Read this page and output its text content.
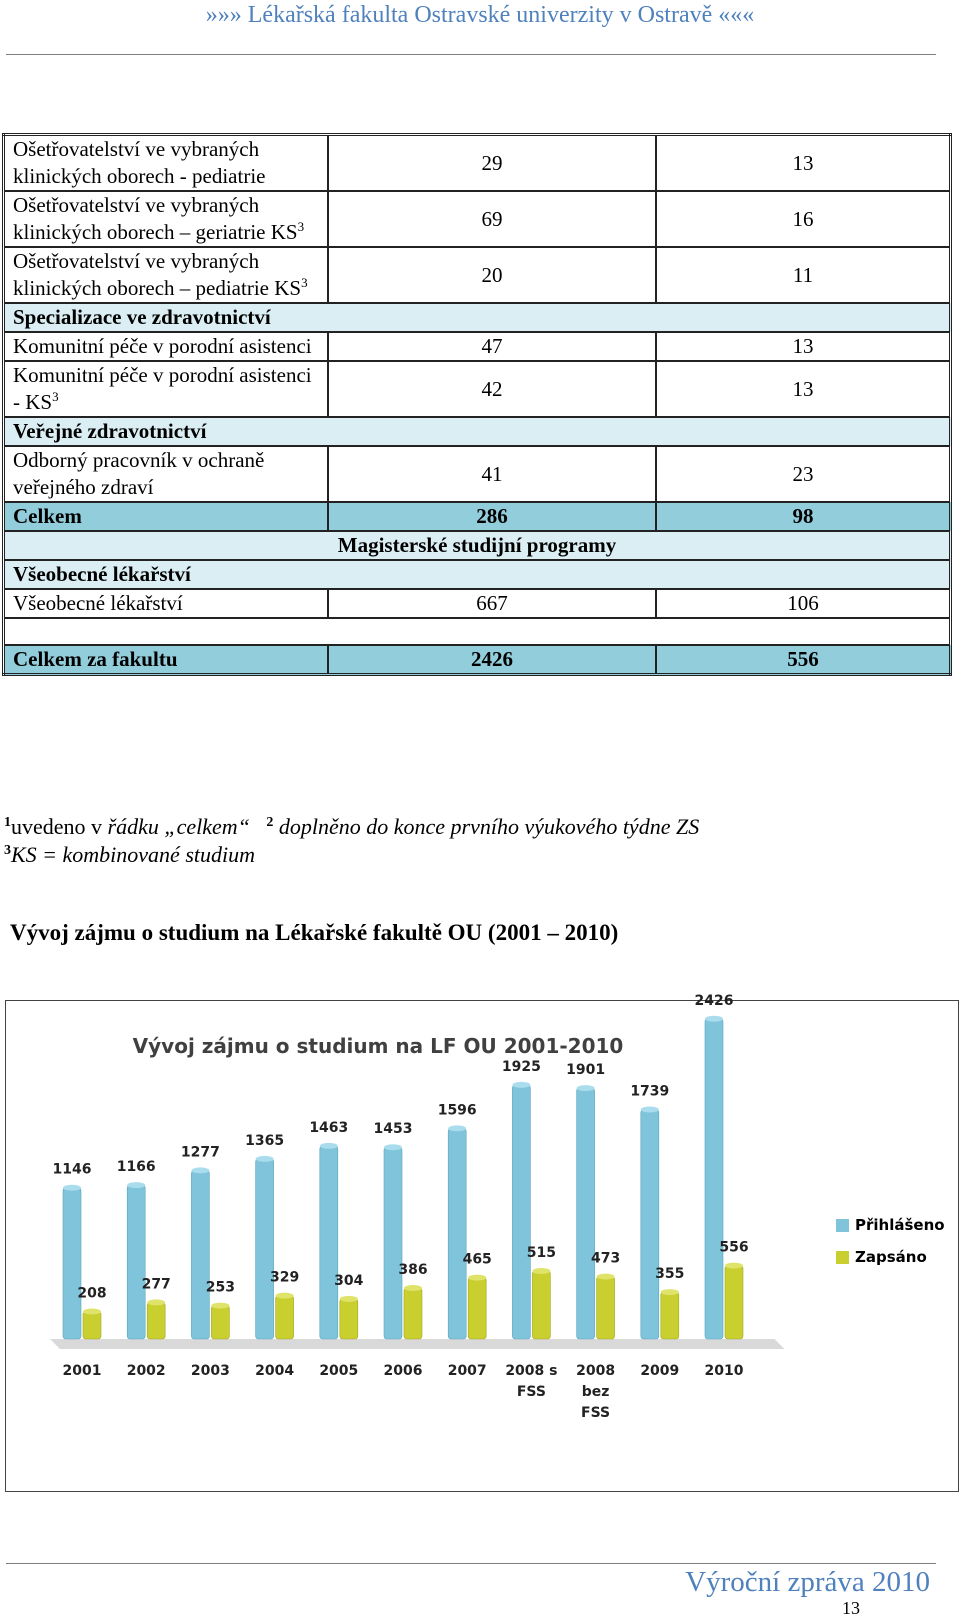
»»» Lékařská fakulta Ostravské univerzity v Ostravě «««
Ošetřovatelství ve vybraných klinických oborech - pediatrie	29	13
Ošetřovatelství ve vybraných klinických oborech – geriatrie $KS^3$	69	16
Ošetřovatelství ve vybraných klinických oborech – pediatrie $KS^3$	20	11
Specializace ve zdravotnictví		
Komunitní péče v porodní asistenci	47	13
Komunitní péče v porodní asistenci - $KS^3$	42	13
Veřejné zdravotnictví		
Odborný pracovník v ochraně veřejného zdraví	41	23
Celkem	286	98
Magisterské studijní programy		
Všeobecné lékařství		
Všeobecné lékařství	667	106

Celkem za fakultu	2426	556
$^1$uvedeno v řádku „celkem“ $^2$ doplněno do konce prvního výukového týdne ZS
$^3$KS = kombinované studium
Vývoj zájmu o studium na Lékařské fakultě OU (2001 – 2010)
Vývoj zájmu o studium na LF OU 2001-2010
1146
208
2001
1166
277
2002
1277
253
2003
1365
329
2004
1463
304
2005
1453
386
2006
1596
465
2007
1925
515
2008 s
FSS
1901
473
2008
bez
FSS
1739
355
2009
2426
556
2010
Přihlášeno
Zapsáno
Výroční zpráva 2010
13
